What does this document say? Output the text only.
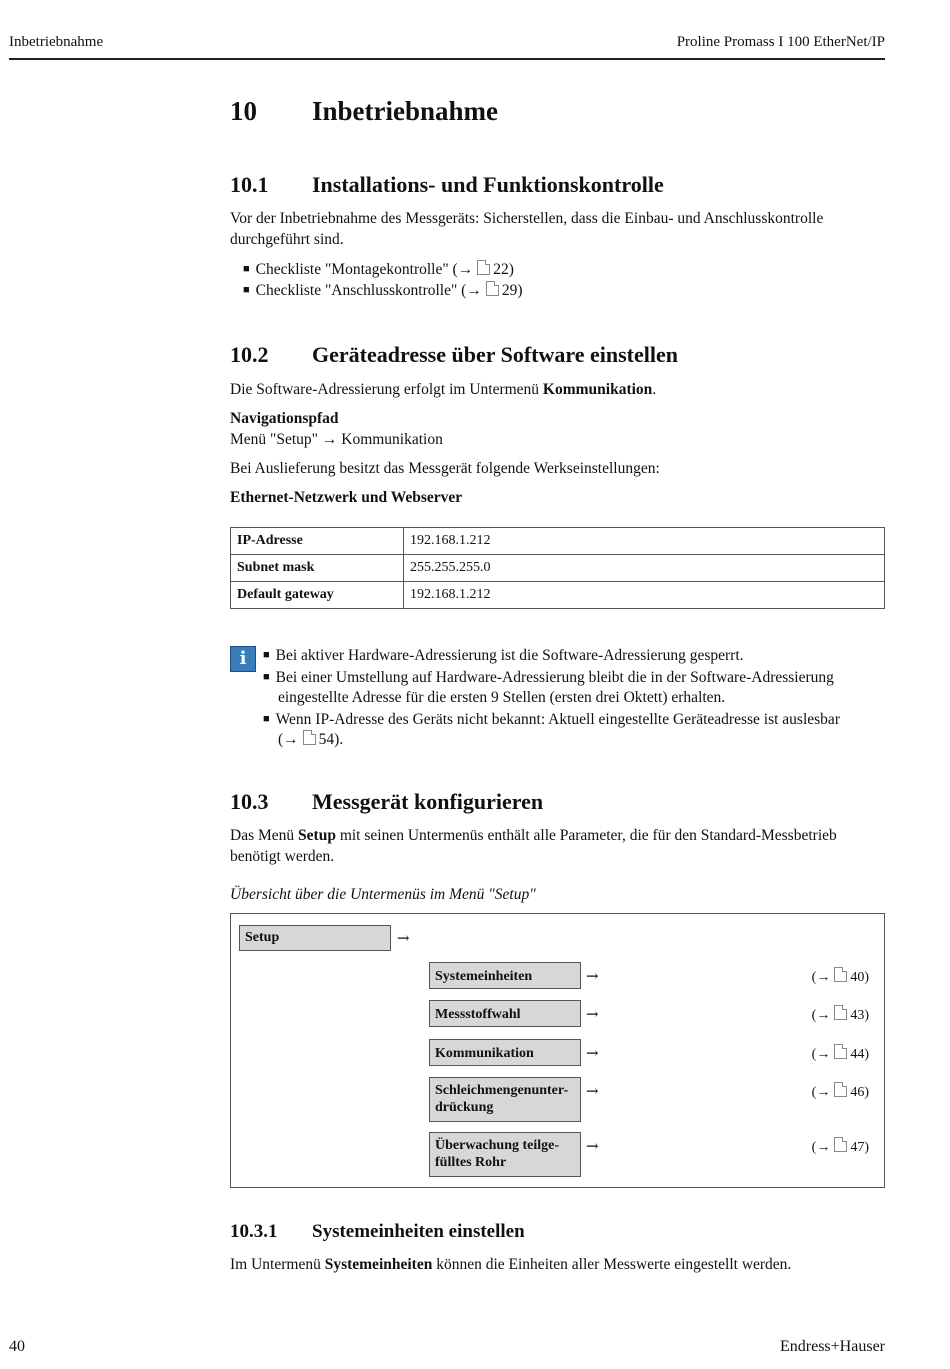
Inbetriebnahme	Proline Promass I 100 EtherNet/IP
10 Inbetriebnahme
10.1 Installations- und Funktionskontrolle
Vor der Inbetriebnahme des Messgeräts: Sicherstellen, dass die Einbau- und Anschlusskontrolle
durchgeführt sind.
■ Checkliste "Montagekontrolle" (→ 22)
■ Checkliste "Anschlusskontrolle" (→ 29)
10.2 Geräteadresse über Software einstellen
Die Software-Adressierung erfolgt im Untermenü Kommunikation.
Navigationspfad
Menü "Setup" → Kommunikation
Bei Auslieferung besitzt das Messgerät folgende Werkseinstellungen:
Ethernet-Netzwerk und Webserver
IP-Adresse	192.168.1.212
Subnet mask	255.255.255.0
Default gateway	192.168.1.212
i	■ Bei aktiver Hardware-Adressierung ist die Software-Adressierung gesperrt.
■ Bei einer Umstellung auf Hardware-Adressierung bleibt die in der Software-Adressierung
eingestellte Adresse für die ersten 9 Stellen (ersten drei Oktett) erhalten.
■ Wenn IP-Adresse des Geräts nicht bekannt: Aktuell eingestellte Geräteadresse ist auslesbar
(→ 54).
10.3 Messgerät konfigurieren
Das Menü Setup mit seinen Untermenüs enthält alle Parameter, die für den Standard-Messbetrieb
benötigt werden.
Übersicht über die Untermenüs im Menü "Setup"
Setup	→
Systemeinheiten	→	(→ 40)
Messstoffwahl	→	(→ 43)
Kommunikation	→	(→ 44)
Schleichmengenunter-
drückung
→	(→ 46)
Überwachung teilge-
fülltes Rohr
→	(→ 47)
10.3.1 Systemeinheiten einstellen
Im Untermenü Systemeinheiten können die Einheiten aller Messwerte eingestellt werden.
40	Endress+Hauser
